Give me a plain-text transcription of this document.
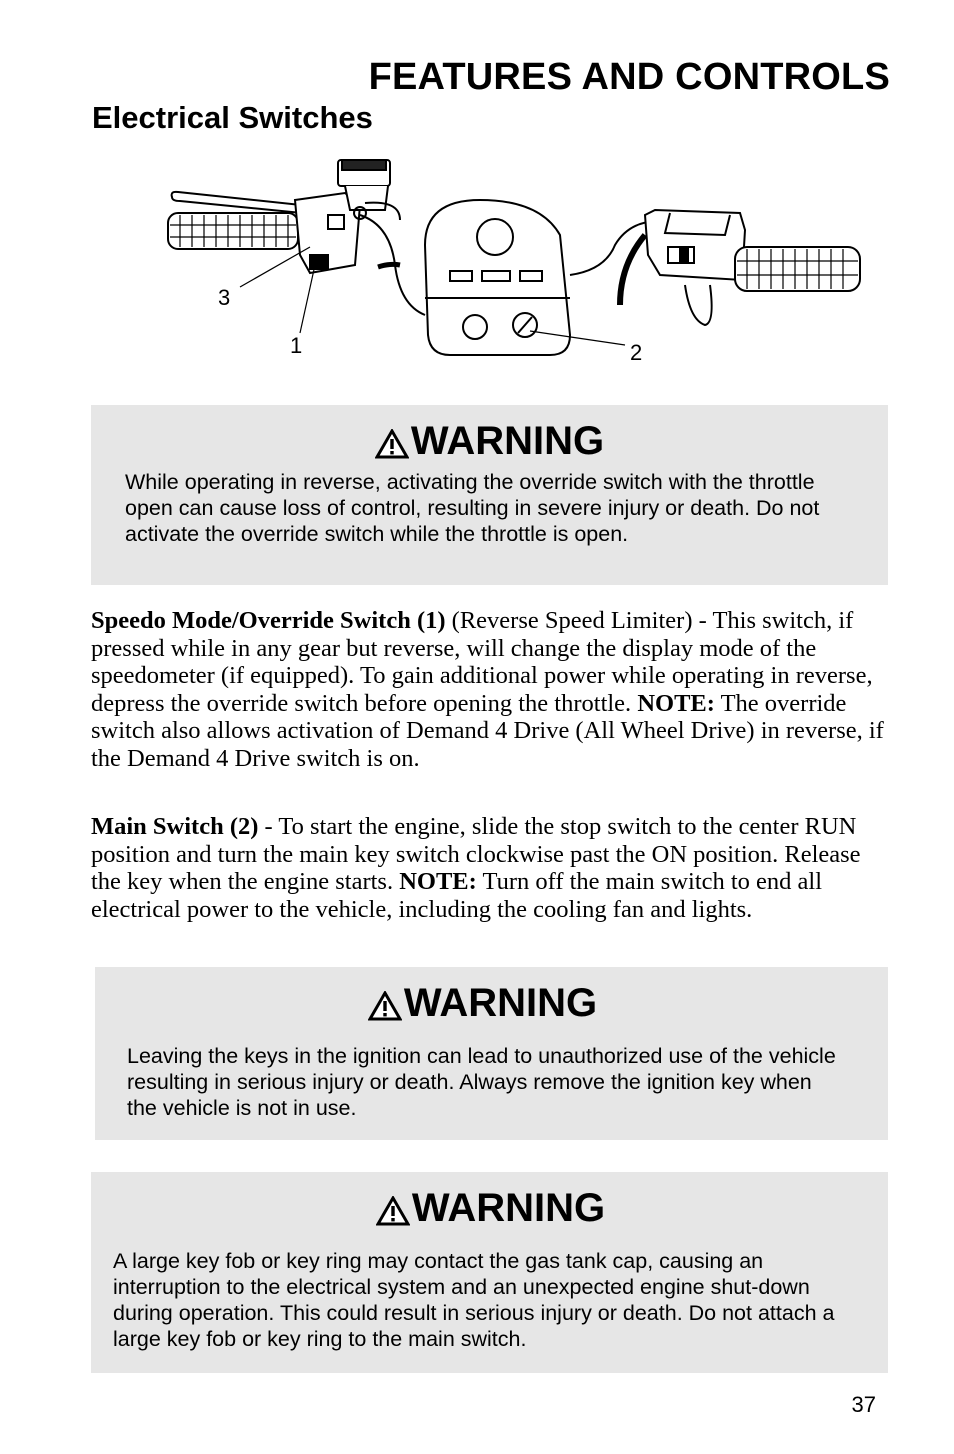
FEATURES AND CONTROLS
Electrical Switches
3
1	2
WARNING

While operating in reverse, activating the override switch with the throttle open can cause loss of control, resulting in severe injury or death. Do not activate the override switch while the throttle is open.

Speedo Mode/Override Switch (1) (Reverse Speed Limiter) - This switch, if pressed while in any gear but reverse, will change the display mode of the speedometer (if equipped). To gain additional power while operating in reverse, depress the override switch before opening the throttle. NOTE: The override switch also allows activation of Demand 4 Drive (All Wheel Drive) in reverse, if the Demand 4 Drive switch is on.

Main Switch (2) - To start the engine, slide the stop switch to the center RUN position and turn the main key switch clockwise past the ON position. Release the key when the engine starts. NOTE: Turn off the main switch to end all electrical power to the vehicle, including the cooling fan and lights.

WARNING

Leaving the keys in the ignition can lead to unauthorized use of the vehicle resulting in serious injury or death. Always remove the ignition key when the vehicle is not in use.

WARNING

A large key fob or key ring may contact the gas tank cap, causing an interruption to the electrical system and an unexpected engine shut-down during operation. This could result in serious injury or death. Do not attach a large key fob or key ring to the main switch.

37
